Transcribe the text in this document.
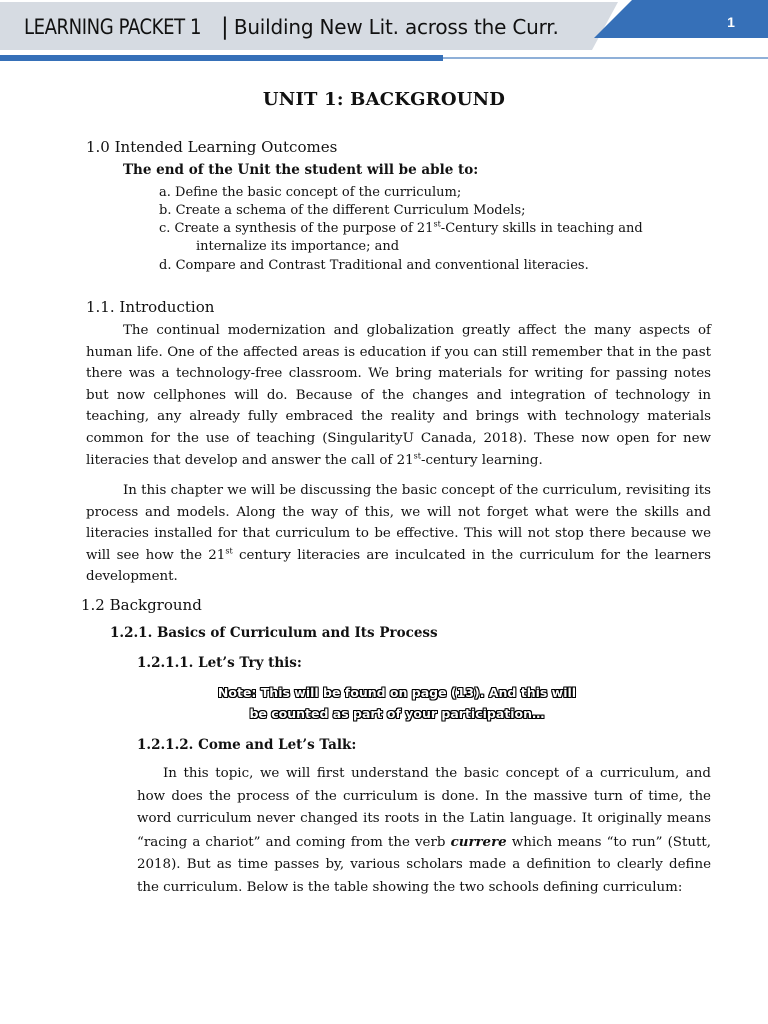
LEARNING PACKET 1 | Building New Lit. across the Curr.	1
UNIT 1: BACKGROUND
1.0 Intended Learning Outcomes
The end of the Unit the student will be able to:
a. Define the basic concept of the curriculum;
b. Create a schema of the different Curriculum Models;
c. Create a synthesis of the purpose of 21st-Century skills in teaching and
internalize its importance; and
d. Compare and Contrast Traditional and conventional literacies.
1.1. Introduction

The continual modernization and globalization greatly affect the many aspects of human life. One of the affected areas is education if you can still remember that in the past there was a technology-free classroom. We bring materials for writing for passing notes but now cellphones will do. Because of the changes and integration of technology in teaching, any already fully embraced the reality and brings with technology materials common for the use of teaching (SingularityU Canada, 2018). These now open for new literacies that develop and answer the call of 21st-century learning.

In this chapter we will be discussing the basic concept of the curriculum, revisiting its process and models. Along the way of this, we will not forget what were the skills and literacies installed for that curriculum to be effective. This will not stop there because we will see how the 21st century literacies are inculcated in the curriculum for the learners development.

1.2 Background
1.2.1. Basics of Curriculum and Its Process
1.2.1.1. Let’s Try this:
Note: This will be found on page (13). And this will
be counted as part of your participation…
1.2.1.2. Come and Let’s Talk:

In this topic, we will first understand the basic concept of a curriculum, and how does the process of the curriculum is done. In the massive turn of time, the word curriculum never changed its roots in the Latin language. It originally means “racing a chariot” and coming from the verb currere which means “to run” (Stutt, 2018). But as time passes by, various scholars made a definition to clearly define the curriculum. Below is the table showing the two schools defining curriculum:
